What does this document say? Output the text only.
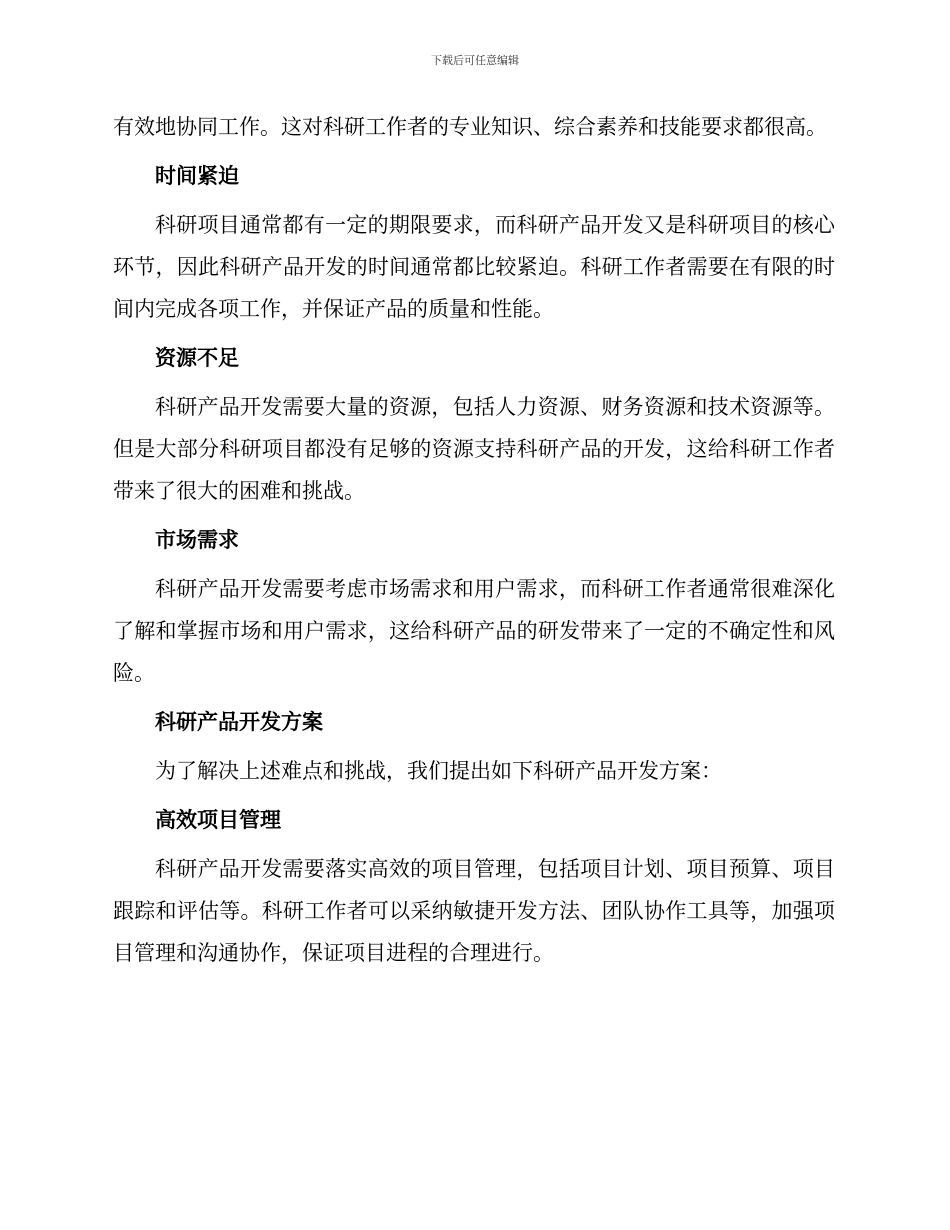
下载后可任意编辑

有效地协同工作。这对科研工作者的专业知识、综合素养和技能要求都很高。

时间紧迫

科研项目通常都有一定的期限要求，而科研产品开发又是科研项目的核心环节，因此科研产品开发的时间通常都比较紧迫。科研工作者需要在有限的时间内完成各项工作，并保证产品的质量和性能。

资源不足

科研产品开发需要大量的资源，包括人力资源、财务资源和技术资源等。但是大部分科研项目都没有足够的资源支持科研产品的开发，这给科研工作者带来了很大的困难和挑战。

市场需求

科研产品开发需要考虑市场需求和用户需求，而科研工作者通常很难深化了解和掌握市场和用户需求，这给科研产品的研发带来了一定的不确定性和风险。

科研产品开发方案

为了解决上述难点和挑战，我们提出如下科研产品开发方案：

高效项目管理

科研产品开发需要落实高效的项目管理，包括项目计划、项目预算、项目跟踪和评估等。科研工作者可以采纳敏捷开发方法、团队协作工具等，加强项目管理和沟通协作，保证项目进程的合理进行。
